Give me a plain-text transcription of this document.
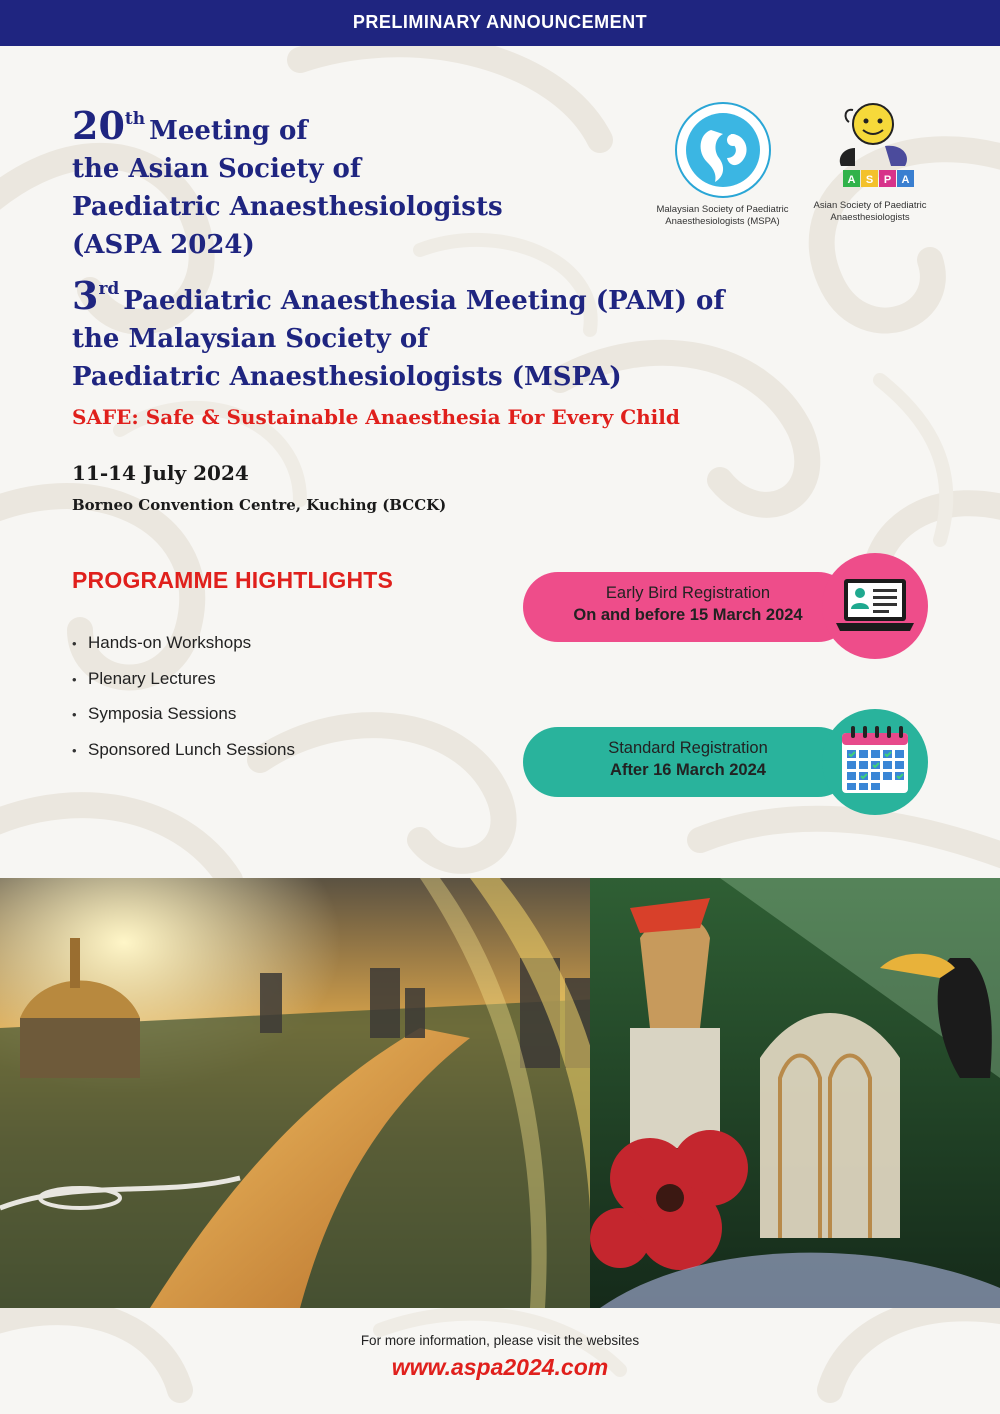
PRELIMINARY ANNOUNCEMENT
20th Meeting of
the Asian Society of
Paediatric Anaesthesiologists
(ASPA 2024)
3rd Paediatric Anaesthesia Meeting (PAM) of
the Malaysian Society of
Paediatric Anaesthesiologists (MSPA)
SAFE: Safe & Sustainable Anaesthesia For Every Child
11-14 July 2024
Borneo Convention Centre, Kuching (BCCK)
Malaysian Society of Paediatric
Anaesthesiologists (MSPA)
A S P A
Asian Society of Paediatric
Anaesthesiologists
PROGRAMME HIGHTLIGHTS
• Hands-on Workshops
• Plenary Lectures
• Symposia Sessions
• Sponsored Lunch Sessions
Early Bird Registration
On and before 15 March 2024
Standard Registration
After 16 March 2024
For more information, please visit the websites
www.aspa2024.com
